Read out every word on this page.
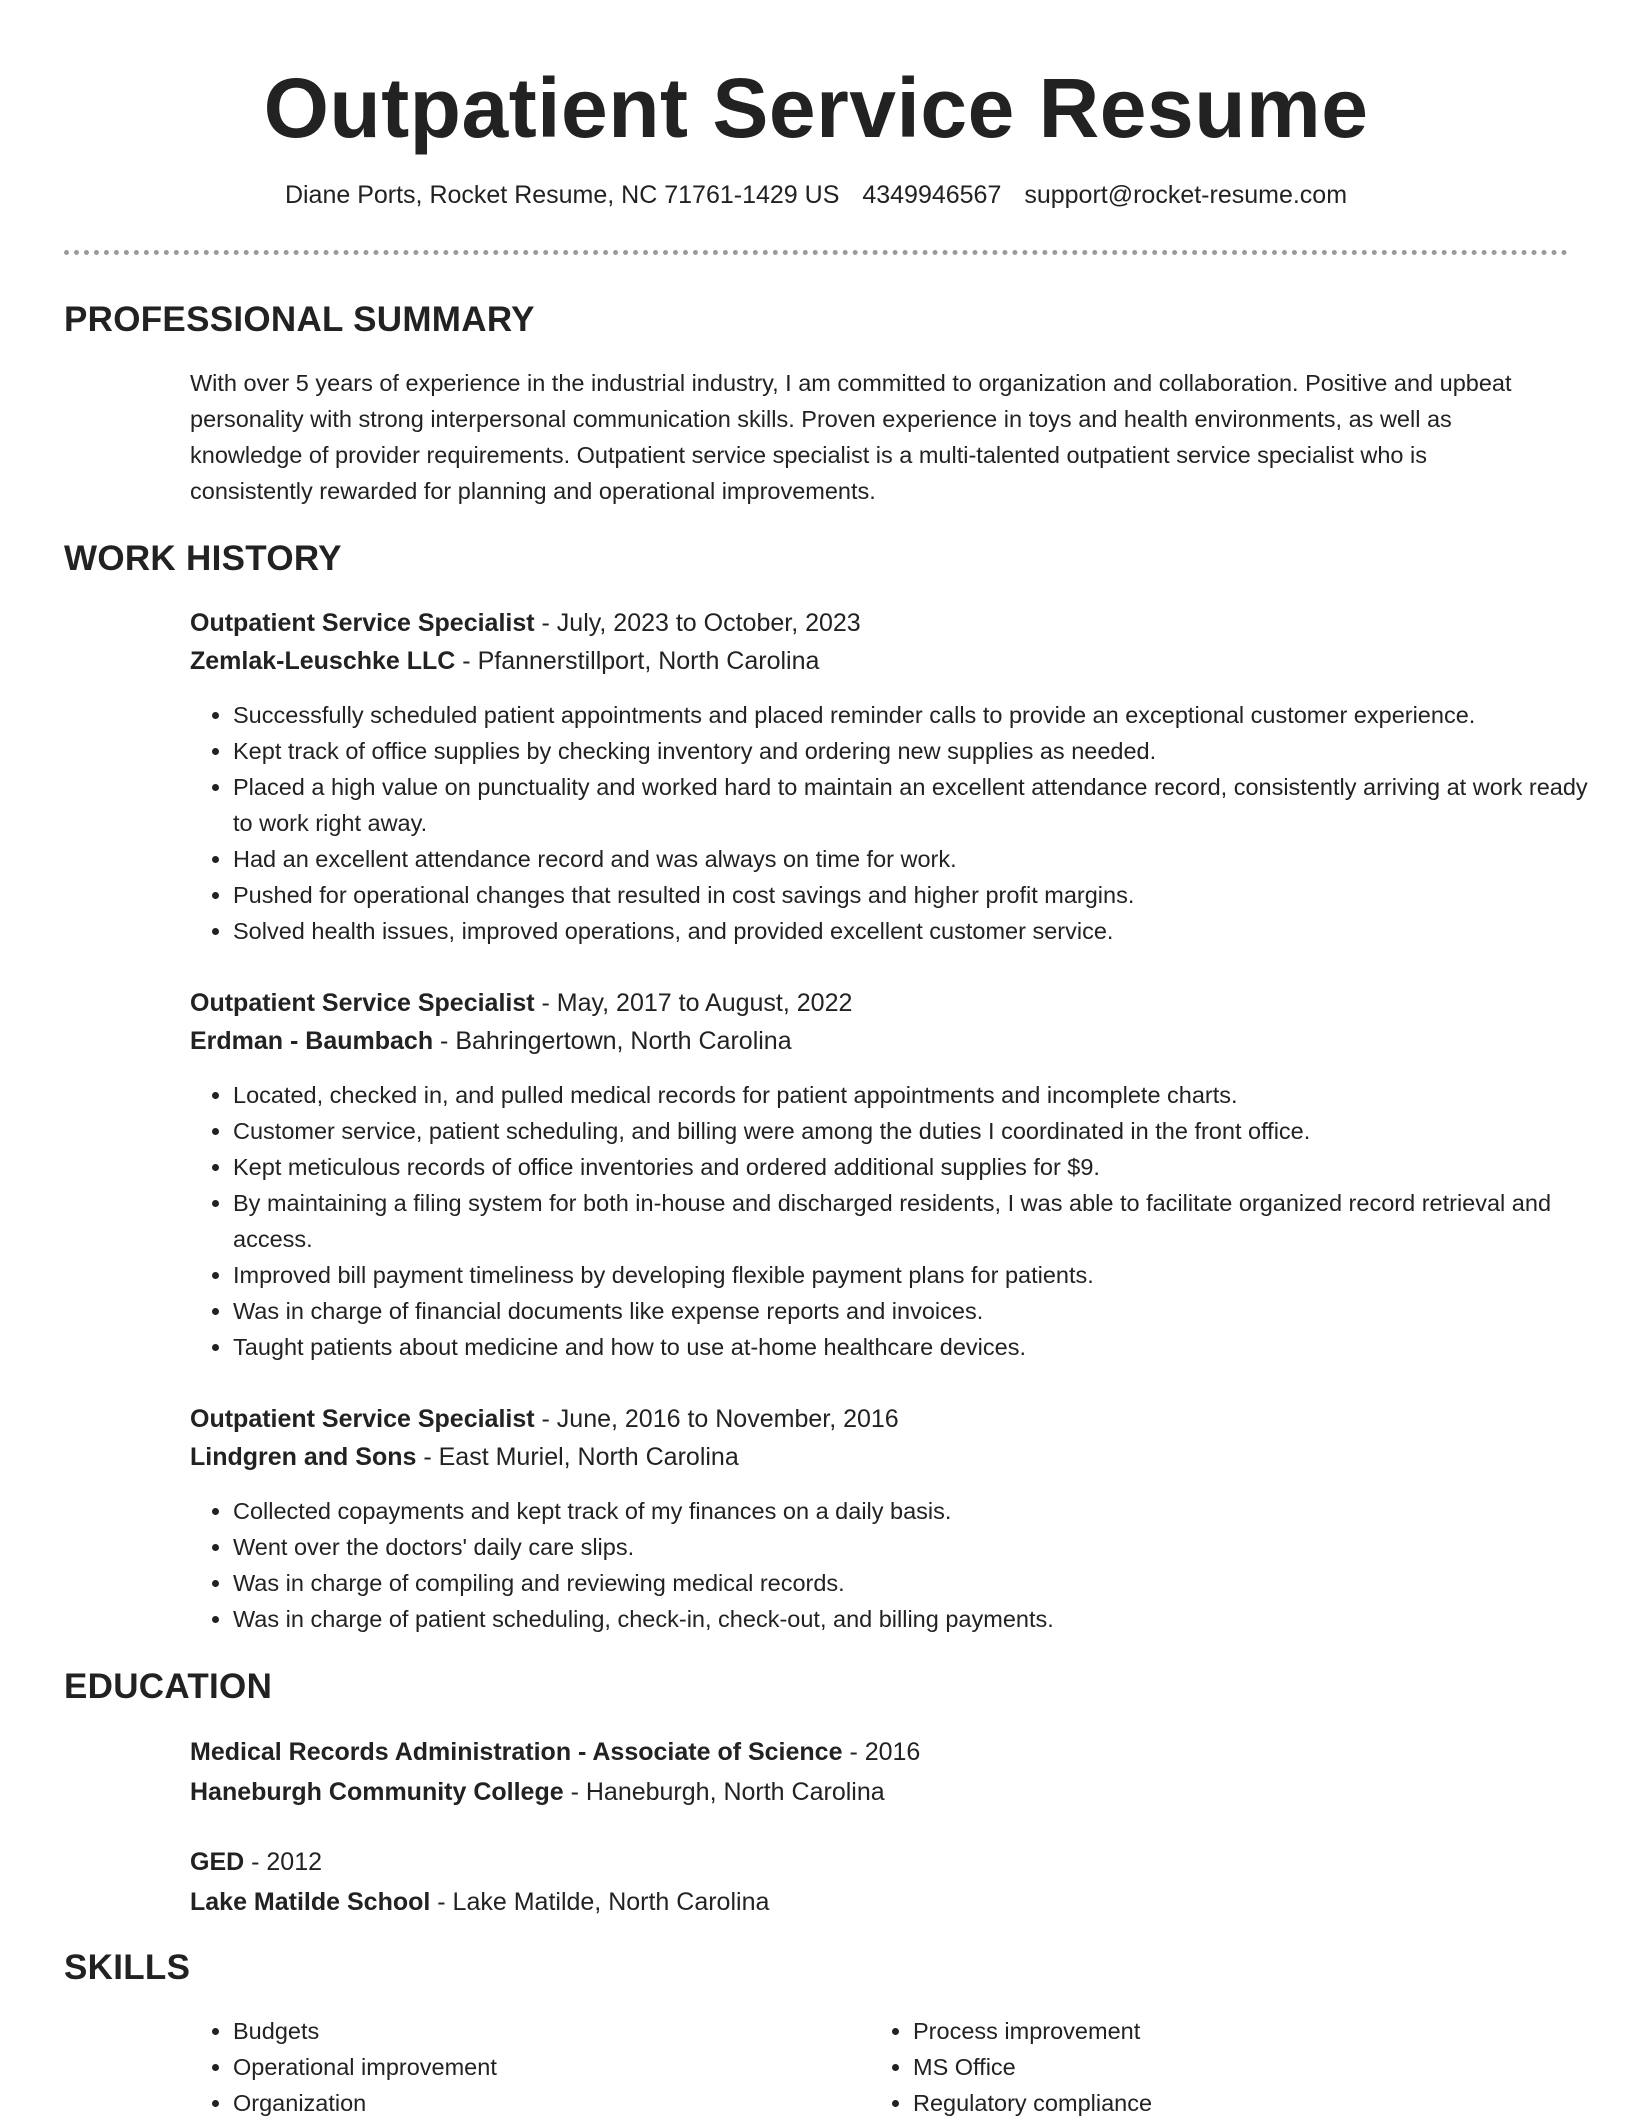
Outpatient Service Resume
Diane Ports, Rocket Resume, NC 71761-1429 US 4349946567 support@rocket-resume.com
PROFESSIONAL SUMMARY

With over 5 years of experience in the industrial industry, I am committed to organization and collaboration. Positive and upbeat personality with strong interpersonal communication skills. Proven experience in toys and health environments, as well as knowledge of provider requirements. Outpatient service specialist is a multi-talented outpatient service specialist who is consistently rewarded for planning and operational improvements.

WORK HISTORY

Outpatient Service Specialist - July, 2023 to October, 2023

Zemlak-Leuschke LLC - Pfannerstillport, North Carolina

• Successfully scheduled patient appointments and placed reminder calls to provide an exceptional customer experience.
• Kept track of office supplies by checking inventory and ordering new supplies as needed.
• Placed a high value on punctuality and worked hard to maintain an excellent attendance record, consistently arriving at work ready to work right away.
• Had an excellent attendance record and was always on time for work.
• Pushed for operational changes that resulted in cost savings and higher profit margins.
• Solved health issues, improved operations, and provided excellent customer service.

Outpatient Service Specialist - May, 2017 to August, 2022

Erdman - Baumbach - Bahringertown, North Carolina

• Located, checked in, and pulled medical records for patient appointments and incomplete charts.
• Customer service, patient scheduling, and billing were among the duties I coordinated in the front office.
• Kept meticulous records of office inventories and ordered additional supplies for $9.
• By maintaining a filing system for both in-house and discharged residents, I was able to facilitate organized record retrieval and access.
• Improved bill payment timeliness by developing flexible payment plans for patients.
• Was in charge of financial documents like expense reports and invoices.
• Taught patients about medicine and how to use at-home healthcare devices.

Outpatient Service Specialist - June, 2016 to November, 2016

Lindgren and Sons - East Muriel, North Carolina

• Collected copayments and kept track of my finances on a daily basis.
• Went over the doctors' daily care slips.
• Was in charge of compiling and reviewing medical records.
• Was in charge of patient scheduling, check-in, check-out, and billing payments.
EDUCATION

Medical Records Administration - Associate of Science - 2016

Haneburgh Community College - Haneburgh, North Carolina

GED - 2012

Lake Matilde School - Lake Matilde, North Carolina

SKILLS
• Budgets
• Operational improvement
• Organization
• Process improvement
• MS Office
• Regulatory compliance
